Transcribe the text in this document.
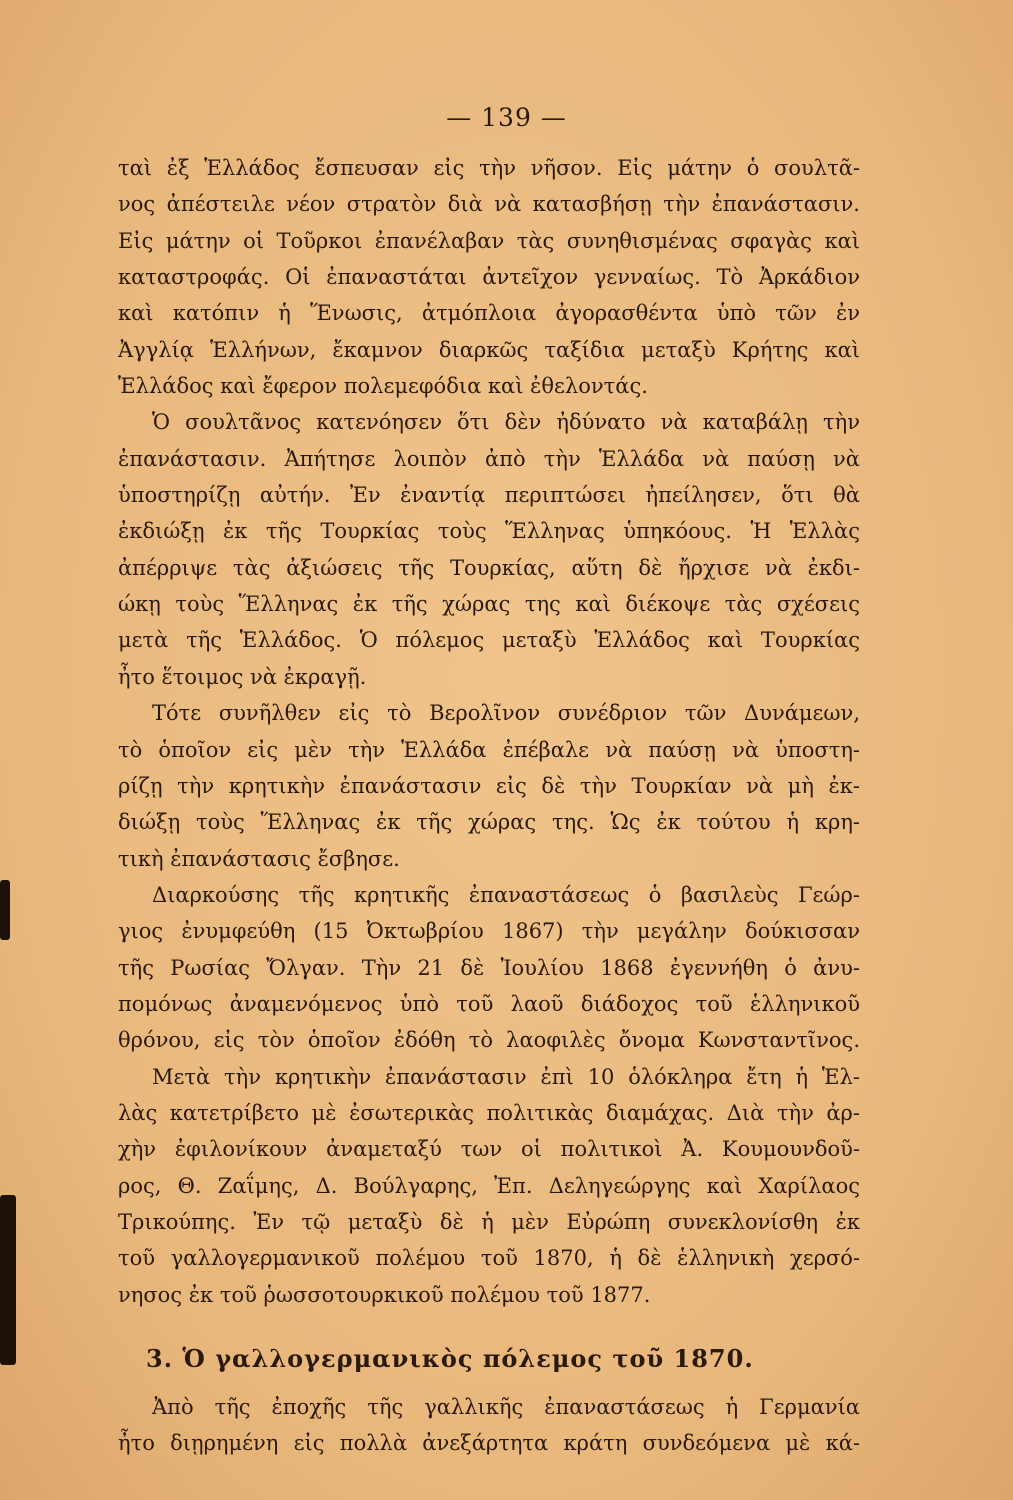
— 139 —
ταὶ ἐξ Ἑλλάδος ἔσπευσαν εἰς τὴν νῆσον. Εἰς μάτην ὁ σουλτᾶ-
νος ἀπέστειλε νέον στρατὸν διὰ νὰ κατασβήσῃ τὴν ἐπανάστασιν.
Εἰς μάτην οἱ Τοῦρκοι ἐπανέλαβαν τὰς συνηθισμένας σφαγὰς καὶ
καταστροφάς. Οἱ ἐπαναστάται ἀντεῖχον γενναίως. Τὸ Ἀρκάδιον
καὶ κατόπιν ἡ Ἕνωσις, ἀτμόπλοια ἀγορασθέντα ὑπὸ τῶν ἐν
Ἀγγλίᾳ Ἑλλήνων, ἔκαμνον διαρκῶς ταξίδια μεταξὺ Κρήτης καὶ
Ἑλλάδος καὶ ἔφερον πολεμεφόδια καὶ ἐθελοντάς.
Ὁ σουλτᾶνος κατενόησεν ὅτι δὲν ἠδύνατο νὰ καταβάλῃ τὴν
ἐπανάστασιν. Ἀπήτησε λοιπὸν ἀπὸ τὴν Ἑλλάδα νὰ παύσῃ νὰ
ὑποστηρίζῃ αὐτήν. Ἐν ἐναντίᾳ περιπτώσει ἠπείλησεν, ὅτι θὰ
ἐκδιώξῃ ἐκ τῆς Τουρκίας τοὺς Ἕλληνας ὑπηκόους. Ἡ Ἑλλὰς
ἀπέρριψε τὰς ἀξιώσεις τῆς Τουρκίας, αὕτη δὲ ἤρχισε νὰ ἐκδι-
ώκῃ τοὺς Ἕλληνας ἐκ τῆς χώρας της καὶ διέκοψε τὰς σχέσεις
μετὰ τῆς Ἑλλάδος. Ὁ πόλεμος μεταξὺ Ἑλλάδος καὶ Τουρκίας
ἦτο ἕτοιμος νὰ ἐκραγῇ.
Τότε συνῆλθεν εἰς τὸ Βερολῖνον συνέδριον τῶν Δυνάμεων,
τὸ ὁποῖον εἰς μὲν τὴν Ἑλλάδα ἐπέβαλε νὰ παύσῃ νὰ ὑποστη-
ρίζῃ τὴν κρητικὴν ἐπανάστασιν εἰς δὲ τὴν Τουρκίαν νὰ μὴ ἐκ-
διώξῃ τοὺς Ἕλληνας ἐκ τῆς χώρας της. Ὡς ἐκ τούτου ἡ κρη-
τικὴ ἐπανάστασις ἔσβησε.
Διαρκούσης τῆς κρητικῆς ἐπαναστάσεως ὁ βασιλεὺς Γεώρ-
γιος ἐνυμφεύθη (15 Ὀκτωβρίου 1867) τὴν μεγάλην δούκισσαν
τῆς Ρωσίας Ὄλγαν. Τὴν 21 δὲ Ἰουλίου 1868 ἐγεννήθη ὁ ἀνυ-
πομόνως ἀναμενόμενος ὑπὸ τοῦ λαοῦ διάδοχος τοῦ ἑλληνικοῦ
θρόνου, εἰς τὸν ὁποῖον ἐδόθη τὸ λαοφιλὲς ὄνομα Κωνσταντῖνος.
Μετὰ τὴν κρητικὴν ἐπανάστασιν ἐπὶ 10 ὁλόκληρα ἔτη ἡ Ἑλ-
λὰς κατετρίβετο μὲ ἐσωτερικὰς πολιτικὰς διαμάχας. Διὰ τὴν ἀρ-
χὴν ἐφιλονίκουν ἀναμεταξύ των οἱ πολιτικοὶ Ἀ. Κουμουνδοῦ-
ρος, Θ. Ζαΐμης, Δ. Βούλγαρης, Ἐπ. Δεληγεώργης καὶ Χαρίλαος
Τρικούπης. Ἐν τῷ μεταξὺ δὲ ἡ μὲν Εὐρώπη συνεκλονίσθη ἐκ
τοῦ γαλλογερμανικοῦ πολέμου τοῦ 1870, ἡ δὲ ἑλληνικὴ χερσό-
νησος ἐκ τοῦ ῥωσσοτουρκικοῦ πολέμου τοῦ 1877.
3. Ὁ γαλλογερμανικὸς πόλεμος τοῦ 1870.
Ἀπὸ τῆς ἐποχῆς τῆς γαλλικῆς ἐπαναστάσεως ἡ Γερμανία
ἦτο διῃρημένη εἰς πολλὰ ἀνεξάρτητα κράτη συνδεόμενα μὲ κά-
